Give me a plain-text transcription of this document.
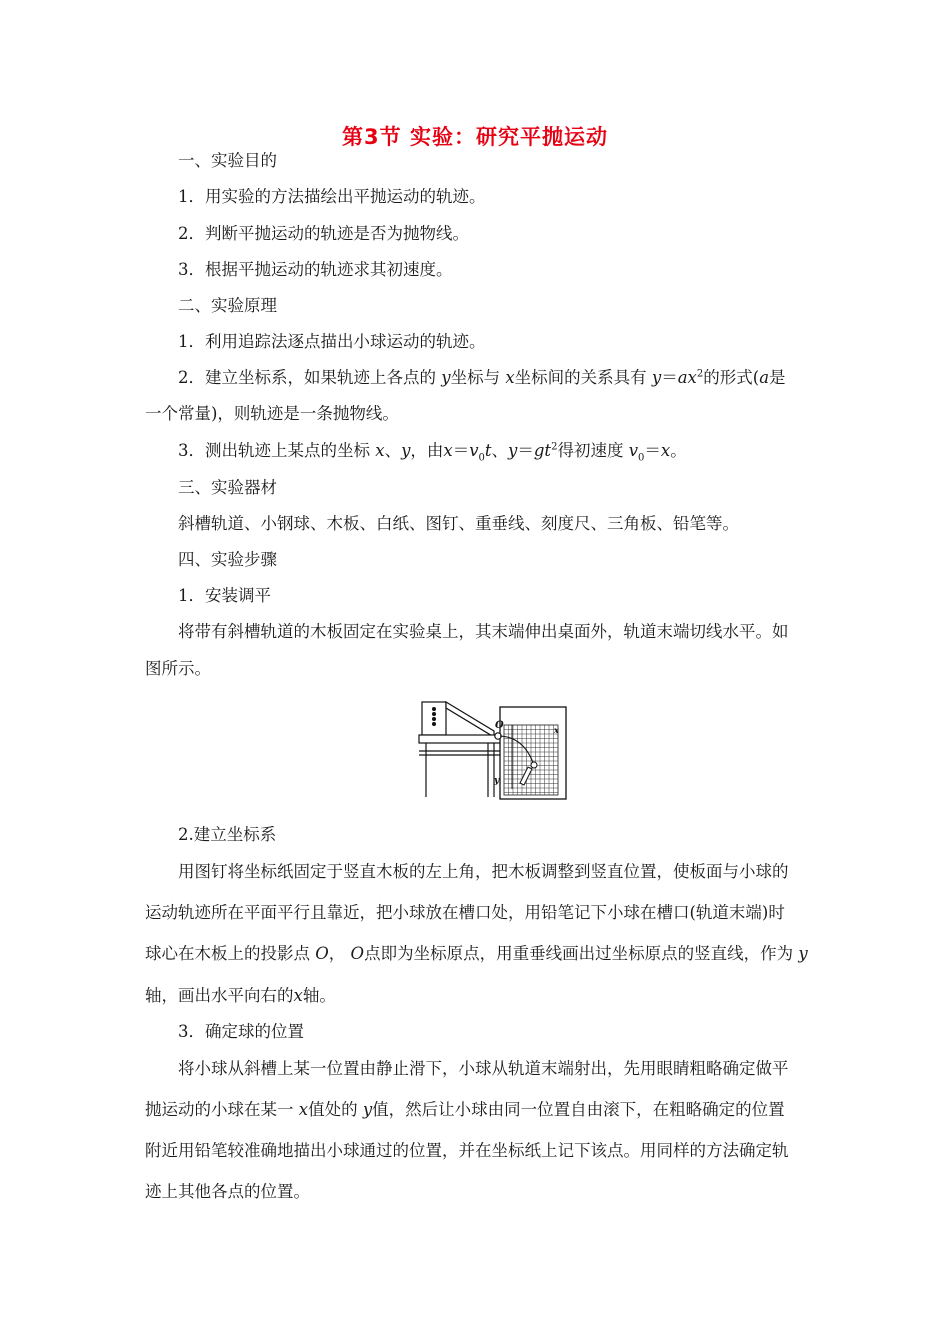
第3节 实验：研究平抛运动
一、实验目的
1．用实验的方法描绘出平抛运动的轨迹。
2．判断平抛运动的轨迹是否为抛物线。
3．根据平抛运动的轨迹求其初速度。
二、实验原理
1．利用追踪法逐点描出小球运动的轨迹。
2．建立坐标系，如果轨迹上各点的 y坐标与 x坐标间的关系具有 $y=ax^2$的形式(a是
一个常量)，则轨迹是一条抛物线。
3．测出轨迹上某点的坐标 x、y，由$x=v_0t$、$y=gt^2$得初速度 $v_0=x$。
三、实验器材
斜槽轨道、小钢球、木板、白纸、图钉、重垂线、刻度尺、三角板、铅笔等。
四、实验步骤
1．安装调平
将带有斜槽轨道的木板固定在实验桌上，其末端伸出桌面外，轨道末端切线水平。如
图所示。
O	x
y
2.建立坐标系
用图钉将坐标纸固定于竖直木板的左上角，把木板调整到竖直位置，使板面与小球的
运动轨迹所在平面平行且靠近，把小球放在槽口处，用铅笔记下小球在槽口(轨道末端)时
球心在木板上的投影点 O， O点即为坐标原点，用重垂线画出过坐标原点的竖直线，作为 y
轴，画出水平向右的x轴。
3．确定球的位置
将小球从斜槽上某一位置由静止滑下，小球从轨道末端射出，先用眼睛粗略确定做平
抛运动的小球在某一 x值处的 y值，然后让小球由同一位置自由滚下，在粗略确定的位置
附近用铅笔较准确地描出小球通过的位置，并在坐标纸上记下该点。用同样的方法确定轨
迹上其他各点的位置。
